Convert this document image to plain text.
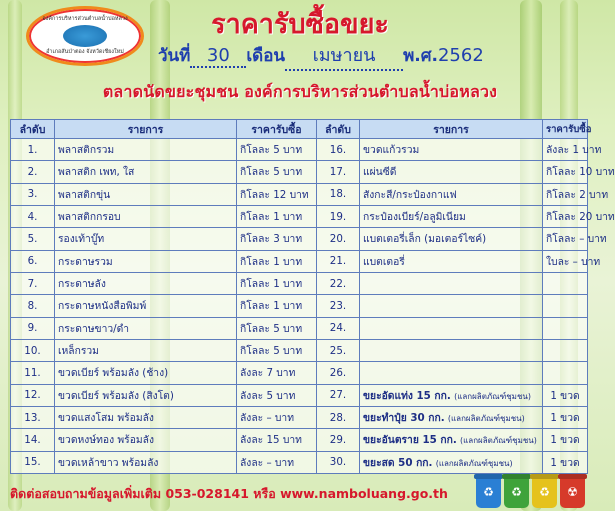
องค์การบริหารส่วนตำบลน้ำบ่อหลวง
อำเภอสันป่าตอง จังหวัดเชียงใหม่
ราคารับซื้อขยะ
วันที่ 30 เดือน เมษายน พ.ศ.2562
ตลาดนัดขยะชุมชน องค์การบริหารส่วนตำบลน้ำบ่อหลวง
ลำดับ	รายการ	ราคารับซื้อ	ลำดับ	รายการ	ราคารับซื้อ
1.	พลาสติกรวม	กิโลละ 5 บาท	16.	ขวดแก้วรวม	ลังละ 1 บาท
2.	พลาสติก เพท, ใส	กิโลละ 5 บาท	17.	แผ่นซีดี	กิโลละ 10 บาท
3.	พลาสติกขุ่น	กิโลละ 12 บาท	18.	สังกะสี/กระป๋องกาแฟ	กิโลละ 2 บาท
4.	พลาสติกกรอบ	กิโลละ 1 บาท	19.	กระป๋องเบียร์/อลูมิเนียม	กิโลละ 20 บาท
5.	รองเท้าบู๊ท	กิโลละ 3 บาท	20.	แบตเตอรี่เล็ก (มอเตอร์ไซค์)	กิโลละ – บาท
6.	กระดาษรวม	กิโลละ 1 บาท	21.	แบตเตอรี่	ใบละ – บาท
7.	กระดาษลัง	กิโลละ 1 บาท	22.		
8.	กระดาษหนังสือพิมพ์	กิโลละ 1 บาท	23.		
9.	กระดาษขาว/ดำ	กิโลละ 5 บาท	24.		
10.	เหล็กรวม	กิโลละ 5 บาท	25.		
11.	ขวดเบียร์ พร้อมลัง (ช้าง)	ลังละ 7 บาท	26.		
12.	ขวดเบียร์ พร้อมลัง (สิงโต)	ลังละ 5 บาท	27.	ขยะอัดแท่ง 15 กก. (แลกผลิตภัณฑ์ชุมชน)	1 ขวด
13.	ขวดแสงโสม พร้อมลัง	ลังละ – บาท	28.	ขยะทำปุ๋ย 30 กก. (แลกผลิตภัณฑ์ชุมชน)	1 ขวด
14.	ขวดหงษ์ทอง พร้อมลัง	ลังละ 15 บาท	29.	ขยะอันตราย 15 กก. (แลกผลิตภัณฑ์ชุมชน)	1 ขวด
15.	ขวดเหล้าขาว พร้อมลัง	ลังละ – บาท	30.	ขยะสด 50 กก. (แลกผลิตภัณฑ์ชุมชน)	1 ขวด
ติดต่อสอบถามข้อมูลเพิ่มเติม 053-028141 หรือ www.namboluang.go.th	♻	♻	♻	☢
